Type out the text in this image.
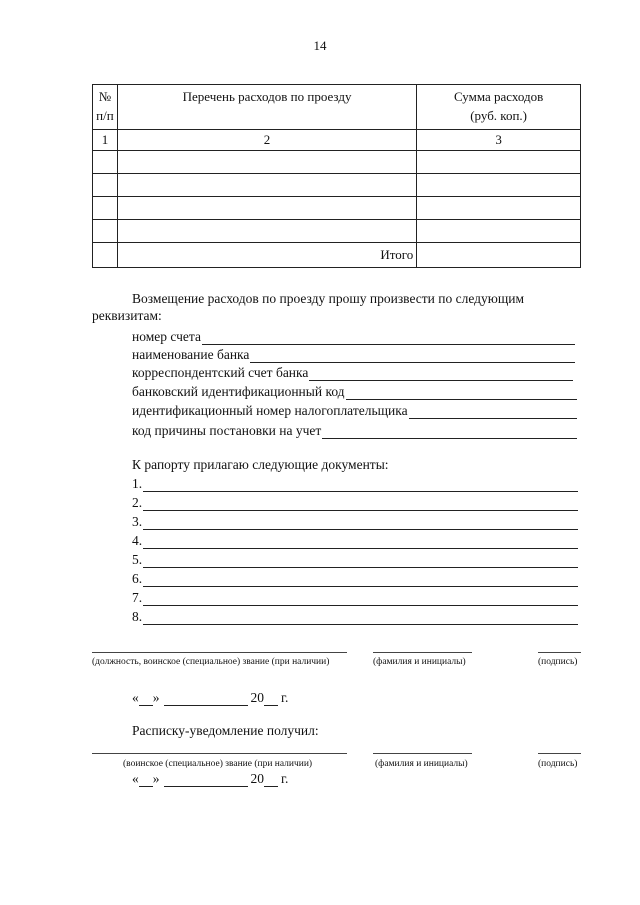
14
№ п/п	Перечень расходов по проезду	Сумма расходов
(руб. коп.)

1	2	3

	Итого	
Возмещение расходов по проезду прошу произвести по следующим
реквизитам:
номер счета
наименование банка
корреспондентский счет банка
банковский идентификационный код
идентификационный номер налогоплательщика
код причины постановки на учет
К рапорту прилагаю следующие документы:
1.
2.
3.
4.
5.
6.
7.
8.
(должность, воинское (специальное) звание (при наличии)	(фамилия и инициалы)	(подпись)
« »	20 г.
Расписку-уведомление получил:
(воинское (специальное) звание (при наличии)	(фамилия и инициалы)	(подпись)
« »	20 г.
